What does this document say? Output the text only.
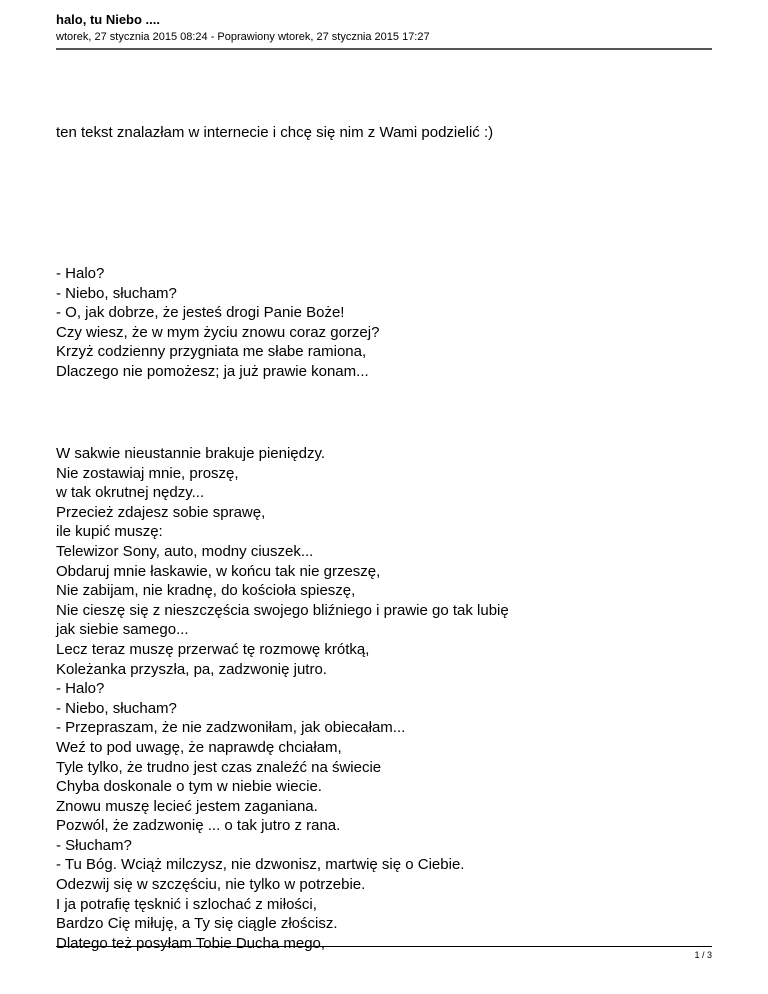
halo, tu Niebo ....

wtorek, 27 stycznia 2015 08:24 - Poprawiony wtorek, 27 stycznia 2015 17:27

ten tekst znalazłam w internecie i chcę się nim z Wami podzielić :)
- Halo?
- Niebo, słucham?
- O, jak dobrze, że jesteś drogi Panie Boże!
Czy wiesz, że w mym życiu znowu coraz gorzej?
Krzyż codzienny przygniata me słabe ramiona,
Dlaczego nie pomożesz; ja już prawie konam...
W sakwie nieustannie brakuje pieniędzy.
Nie zostawiaj mnie, proszę,
w tak okrutnej nędzy...
Przecież zdajesz sobie sprawę,
ile kupić muszę:
Telewizor Sony, auto, modny ciuszek...
Obdaruj mnie łaskawie, w końcu tak nie grzeszę,
Nie zabijam, nie kradnę, do kościoła spieszę,
Nie cieszę się z nieszczęścia swojego bliźniego i prawie go tak lubię
jak siebie samego...
Lecz teraz muszę przerwać tę rozmowę krótką,
Koleżanka przyszła, pa, zadzwonię jutro.
- Halo?
- Niebo, słucham?
- Przepraszam, że nie zadzwoniłam, jak obiecałam...
Weź to pod uwagę, że naprawdę chciałam,
Tyle tylko, że trudno jest czas znaleźć na świecie
Chyba doskonale o tym w niebie wiecie.
Znowu muszę lecieć jestem zaganiana.
Pozwól, że zadzwonię ... o tak jutro z rana.
- Słucham?
- Tu Bóg. Wciąż milczysz, nie dzwonisz, martwię się o Ciebie.
Odezwij się w szczęściu, nie tylko w potrzebie.
I ja potrafię tęsknić i szlochać z miłości,
Bardzo Cię miłuję, a Ty się ciągle złościsz.
Dlatego też posyłam Tobie Ducha mego,
1 / 3
